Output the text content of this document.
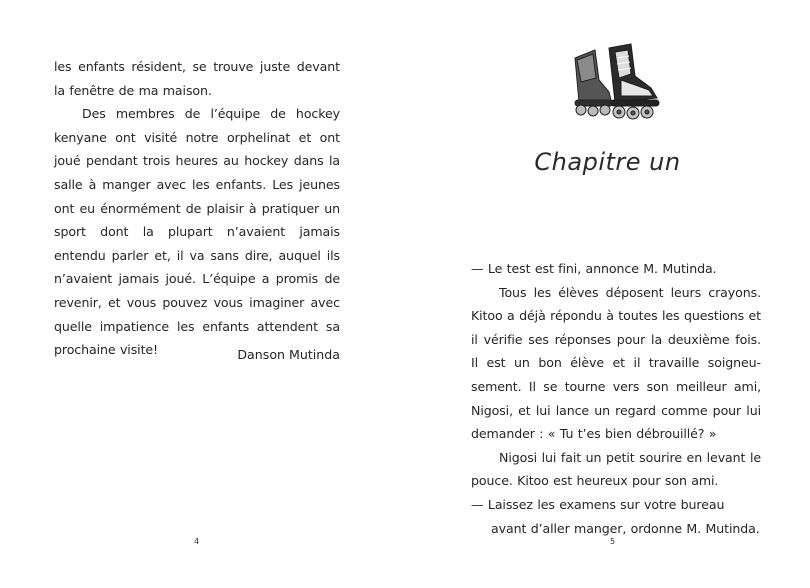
les enfants résident, se trouve juste devant la fenêtre de ma maison.

Des membres de l’équipe de hockey kenyane ont visité notre orphelinat et ont joué pendant trois heures au hockey dans la salle à manger avec les enfants. Les jeunes ont eu énormément de plaisir à pratiquer un sport dont la plupart n’avaient jamais entendu parler et, il va sans dire, auquel ils n’avaient jamais joué. L’équipe a promis de revenir, et vous pouvez vous imaginer avec quelle impatience les enfants attendent sa prochaine visite!	Danson Mutinda
4
Chapitre un

— Le test est fini, annonce M. Mutinda.

Tous les élèves déposent leurs crayons. Kitoo a déjà répondu à toutes les questions et il vérifie ses réponses pour la deuxième fois. Il est un bon élève et il travaille soigneu-sement. Il se tourne vers son meilleur ami, Nigosi, et lui lance un regard comme pour lui demander : « Tu t’es bien débrouillé? »

Nigosi lui fait un petit sourire en levant le pouce. Kitoo est heureux pour son ami.

— Laissez les examens sur votre bureau

avant d’aller manger, ordonne M. Mutinda.

5
